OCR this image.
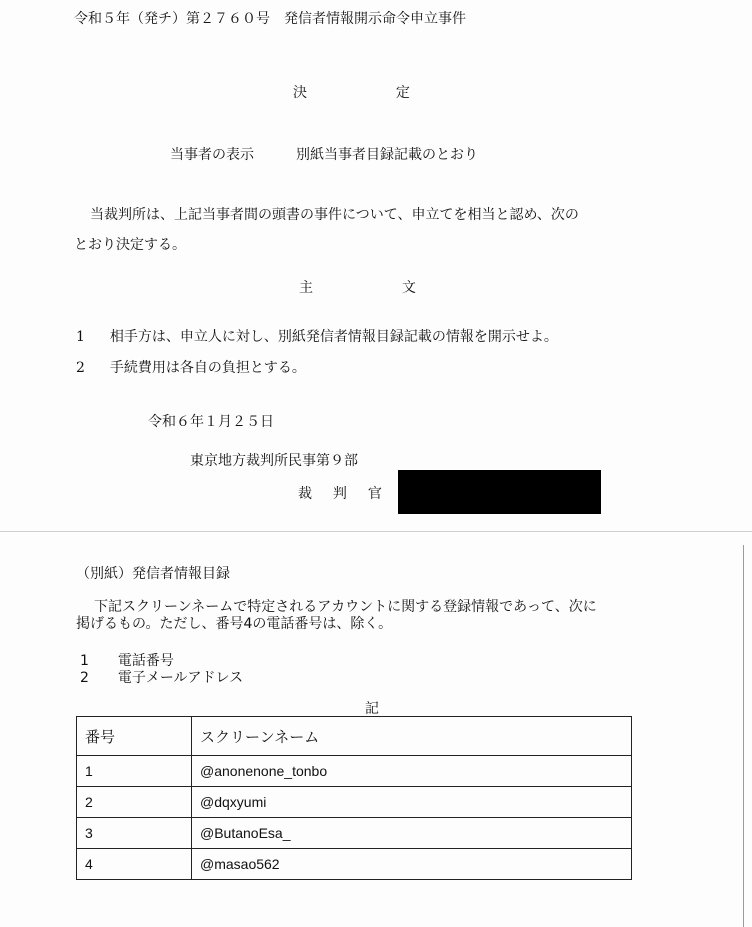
令和５年（発チ）第２７６０号　発信者情報開示命令申立事件
決	定
当事者の表示	別紙当事者目録記載のとおり
当裁判所は、上記当事者間の頭書の事件について、申立てを相当と認め、次の
とおり決定する。
主	文
1 相手方は、申立人に対し、別紙発信者情報目録記載の情報を開示せよ。
2 手続費用は各自の負担とする。
令和６年１月２５日
東京地方裁判所民事第９部
裁 判 官
（別紙）発信者情報目録
下記スクリーンネームで特定されるアカウントに関する登録情報であって、次に
掲げるもの。ただし、番号4の電話番号は、除く。
1 電話番号
2 電子メールアドレス
記
番号	スクリーンネーム
1	@anonenone_tonbo
2	@dqxyumi
3	@ButanoEsa_
4	@masao562
